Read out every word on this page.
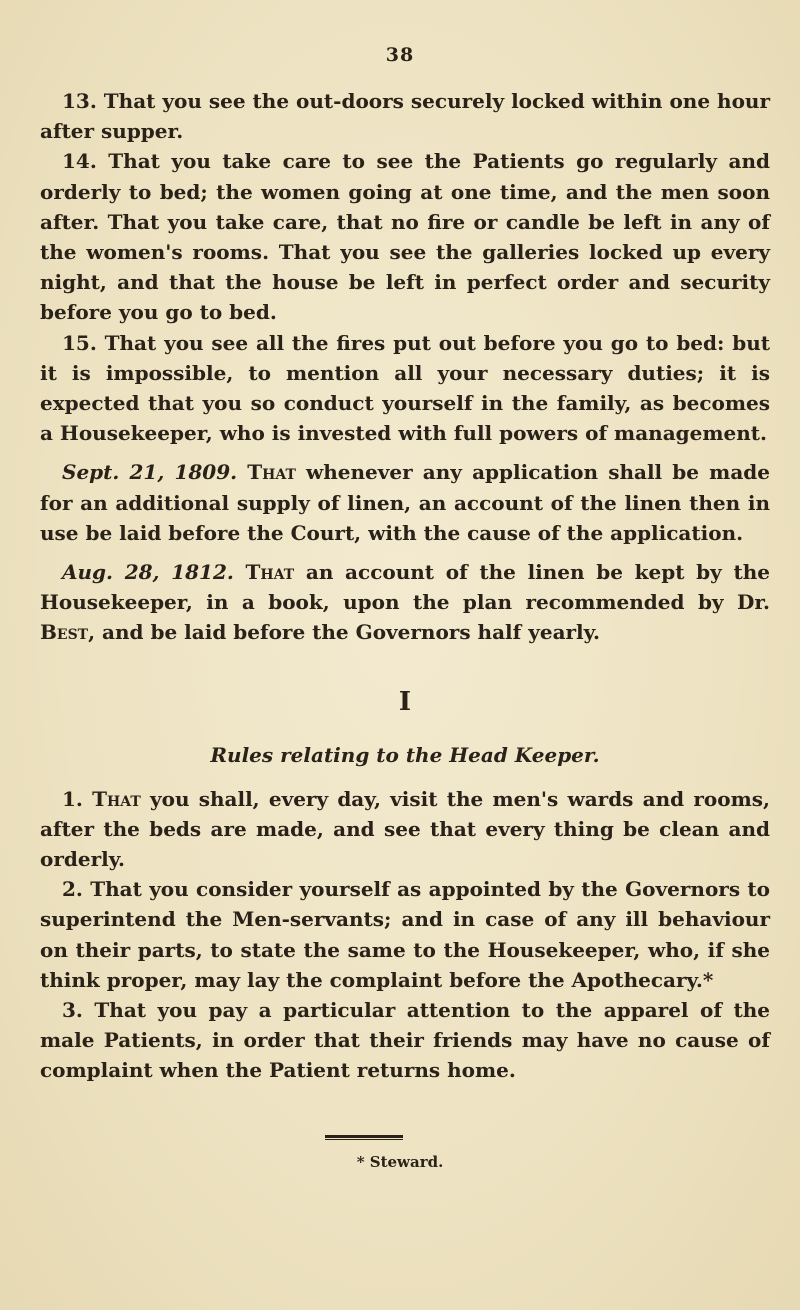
38

13. That you see the out-doors securely locked within one hour after supper.

14. That you take care to see the Patients go regularly and orderly to bed; the women going at one time, and the men soon after. That you take care, that no fire or candle be left in any of the women's rooms. That you see the galleries locked up every night, and that the house be left in perfect order and security before you go to bed.

15. That you see all the fires put out before you go to bed: but it is impossible, to mention all your necessary duties; it is expected that you so conduct yourself in the family, as becomes a Housekeeper, who is invested with full powers of management.

Sept. 21, 1809. That whenever any application shall be made for an additional supply of linen, an account of the linen then in use be laid before the Court, with the cause of the application.

Aug. 28, 1812. That an account of the linen be kept by the Housekeeper, in a book, upon the plan recommended by Dr. Best, and be laid before the Governors half yearly.

I
Rules relating to the Head Keeper.

1. That you shall, every day, visit the men's wards and rooms, after the beds are made, and see that every thing be clean and orderly.

2. That you consider yourself as appointed by the Governors to superintend the Men-servants; and in case of any ill behaviour on their parts, to state the same to the Housekeeper, who, if she think proper, may lay the complaint before the Apothecary.*

3. That you pay a particular attention to the apparel of the male Patients, in order that their friends may have no cause of complaint when the Patient returns home.

* Steward.
